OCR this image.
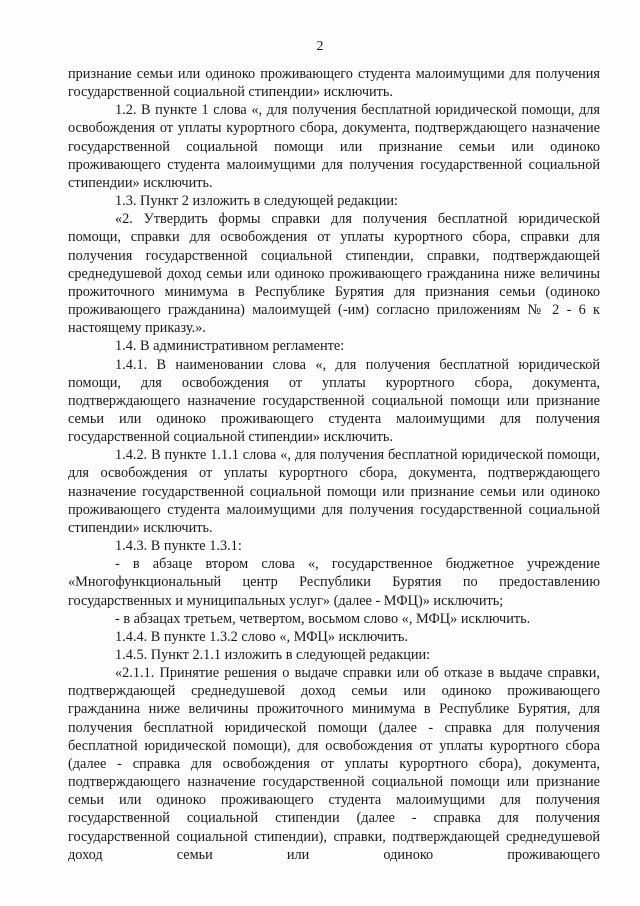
2

признание семьи или одиноко проживающего студента малоимущими для получения государственной социальной стипендии» исключить.

1.2. В пункте 1 слова «, для получения бесплатной юридической помощи, для освобождения от уплаты курортного сбора, документа, подтверждающего назначение государственной социальной помощи или признание семьи или одиноко проживающего студента малоимущими для получения государственной социальной стипендии» исключить.

1.3. Пункт 2 изложить в следующей редакции:

«2. Утвердить формы справки для получения бесплатной юридической помощи, справки для освобождения от уплаты курортного сбора, справки для получения государственной социальной стипендии, справки, подтверждающей среднедушевой доход семьи или одиноко проживающего гражданина ниже величины прожиточного минимума в Республике Бурятия для признания семьи (одиноко проживающего гражданина) малоимущей (-им) согласно приложениям № 2 - 6 к настоящему приказу.».

1.4. В административном регламенте:

1.4.1. В наименовании слова «, для получения бесплатной юридической помощи, для освобождения от уплаты курортного сбора, документа, подтверждающего назначение государственной социальной помощи или признание семьи или одиноко проживающего студента малоимущими для получения государственной социальной стипендии» исключить.

1.4.2. В пункте 1.1.1 слова «, для получения бесплатной юридической помощи, для освобождения от уплаты курортного сбора, документа, подтверждающего назначение государственной социальной помощи или признание семьи или одиноко проживающего студента малоимущими для получения государственной социальной стипендии» исключить.

1.4.3. В пункте 1.3.1:

- в абзаце втором слова «, государственное бюджетное учреждение «Многофункциональный центр Республики Бурятия по предоставлению государственных и муниципальных услуг» (далее - МФЦ)» исключить;

- в абзацах третьем, четвертом, восьмом слово «, МФЦ» исключить.

1.4.4. В пункте 1.3.2 слово «, МФЦ» исключить.

1.4.5. Пункт 2.1.1 изложить в следующей редакции:

«2.1.1. Принятие решения о выдаче справки или об отказе в выдаче справки, подтверждающей среднедушевой доход семьи или одиноко проживающего гражданина ниже величины прожиточного минимума в Республике Бурятия, для получения бесплатной юридической помощи (далее - справка для получения бесплатной юридической помощи), для освобождения от уплаты курортного сбора (далее - справка для освобождения от уплаты курортного сбора), документа, подтверждающего назначение государственной социальной помощи или признание семьи или одиноко проживающего студента малоимущими для получения государственной социальной стипендии (далее - справка для получения государственной социальной стипендии), справки, подтверждающей среднедушевой доход семьи или одиноко проживающего
